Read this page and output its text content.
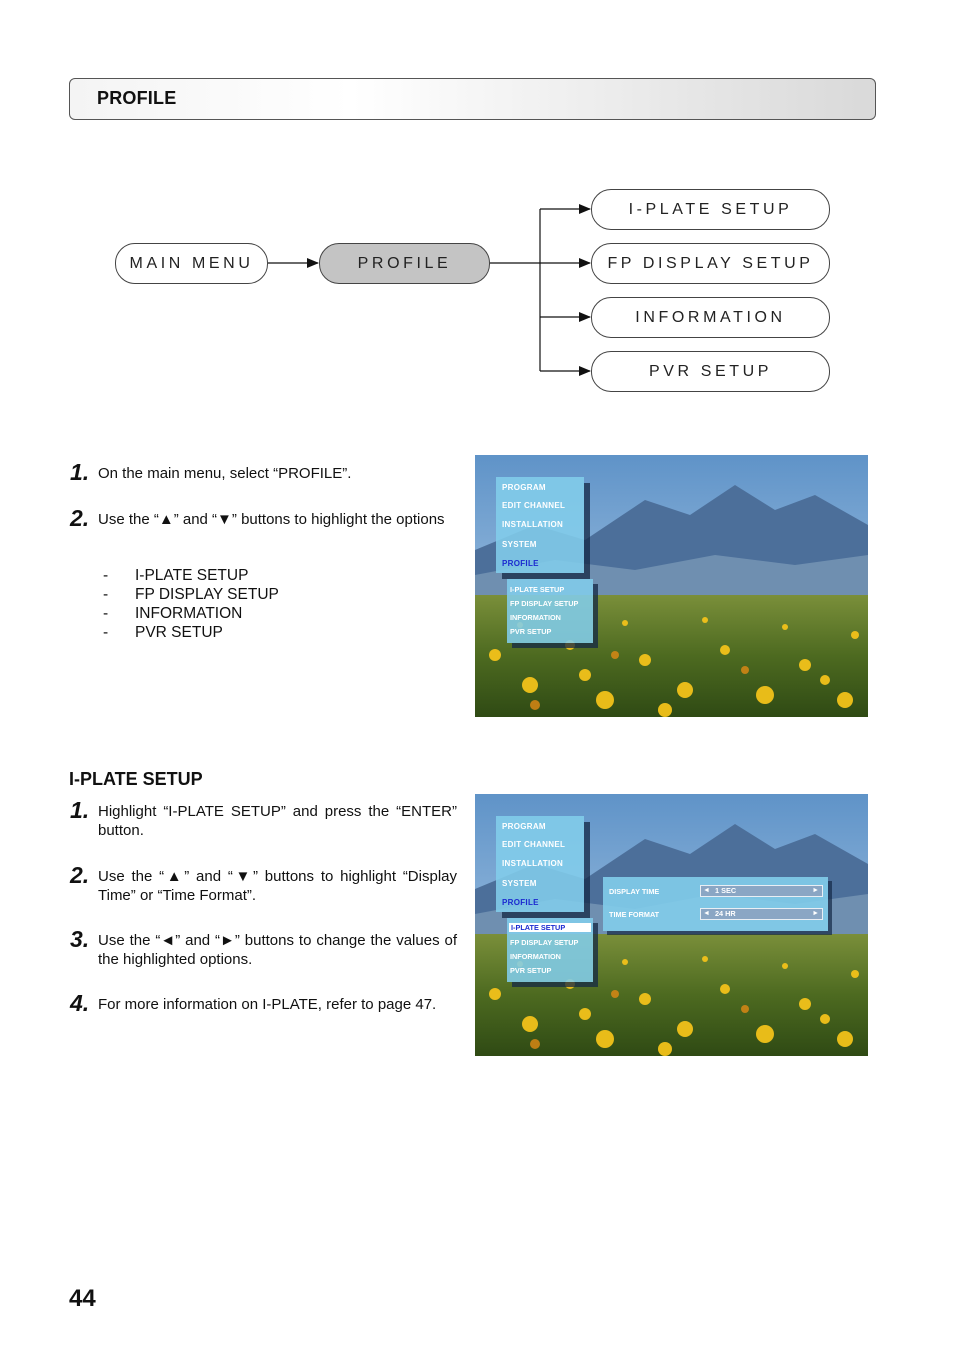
PROFILE
MAIN MENU	PROFILE
I-PLATE SETUP
FP DISPLAY SETUP
INFORMATION
PVR SETUP
1. On the main menu, select “PROFILE”.
2. Use the “▲” and “▼” buttons to highlight the options
-	I-PLATE SETUP
-	FP DISPLAY SETUP
-	INFORMATION
-	PVR SETUP
PROGRAM
EDIT CHANNEL
INSTALLATION
SYSTEM
PROFILE
I-PLATE SETUP
FP DISPLAY SETUP
INFORMATION
PVR SETUP
I-PLATE SETUP
1. Highlight “I-PLATE SETUP” and press the “ENTER” button.
2. Use the “▲” and “▼” buttons to highlight “Display Time” or “Time Format”.
3. Use the “◄” and “►” buttons to change the values of the highlighted options.
4. For more information on I-PLATE, refer to page 47.
PROGRAM
EDIT CHANNEL
INSTALLATION
SYSTEM
PROFILE
I-PLATE SETUP
FP DISPLAY SETUP
INFORMATION
PVR SETUP
DISPLAY TIME	◄ 1 SEC	►
TIME FORMAT	◄ 24 HR	►
44
